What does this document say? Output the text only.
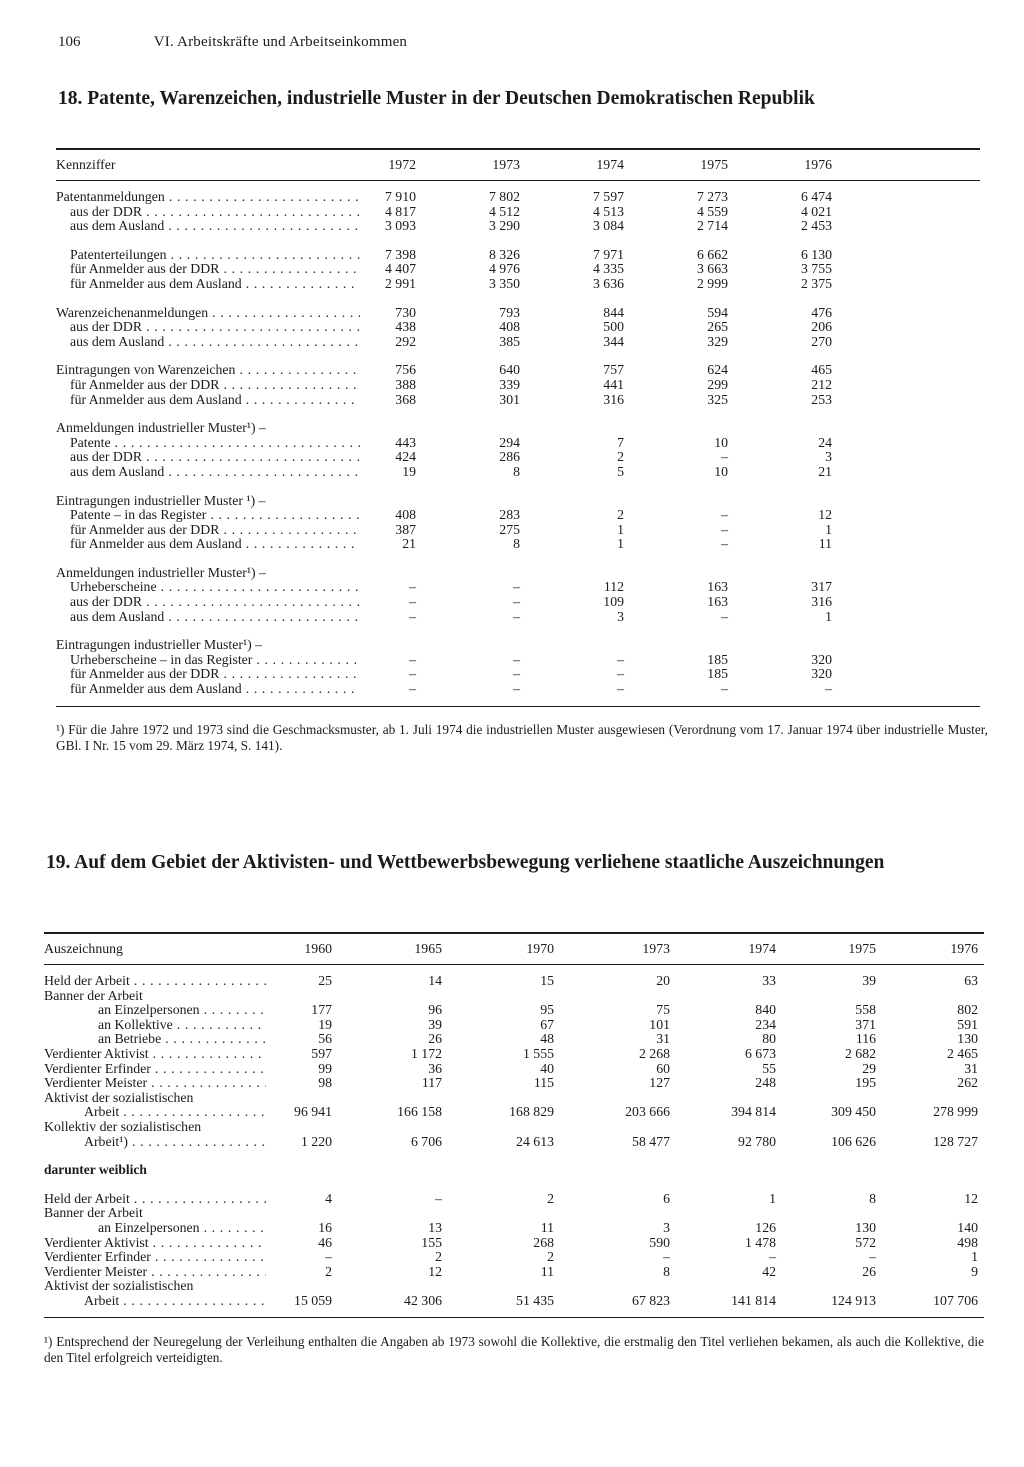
106	VI. Arbeitskräfte und Arbeitseinkommen
18. Patente, Warenzeichen, industrielle Muster in der Deutschen Demokratischen Republik
Kennziffer	1972	1973	1974	1975	1976	

Patentanmeldungen . . .	7 910	7 802	7 597	7 273	6 474	
aus der DDR . . .	4 817	4 512	4 513	4 559	4 021	
aus dem Ausland . . .	3 093	3 290	3 084	2 714	2 453	

Patenterteilungen . . .	7 398	8 326	7 971	6 662	6 130	
für Anmelder aus der DDR . . .	4 407	4 976	4 335	3 663	3 755	
für Anmelder aus dem Ausland . . .	2 991	3 350	3 636	2 999	2 375	

Warenzeichenanmeldungen . . .	730	793	844	594	476	
aus der DDR . . .	438	408	500	265	206	
aus dem Ausland . . .	292	385	344	329	270	

Eintragungen von Warenzeichen . . .	756	640	757	624	465	
für Anmelder aus der DDR . . .	388	339	441	299	212	
für Anmelder aus dem Ausland . . .	368	301	316	325	253	

Anmeldungen industrieller Muster¹) –						
Patente . . .	443	294	7	10	24	
aus der DDR . . .	424	286	2	–	3	
aus dem Ausland . . .	19	8	5	10	21	

Eintragungen industrieller Muster ¹) –						
Patente – in das Register . . .	408	283	2	–	12	
für Anmelder aus der DDR . . .	387	275	1	–	1	
für Anmelder aus dem Ausland . . .	21	8	1	–	11	

Anmeldungen industrieller Muster¹) –						
Urheberscheine . . .	–	–	112	163	317	
aus der DDR . . .	–	–	109	163	316	
aus dem Ausland . . .	–	–	3	–	1	

Eintragungen industrieller Muster¹) –						
Urheberscheine – in das Register . . .	–	–	–	185	320	
für Anmelder aus der DDR . . .	–	–	–	185	320	
für Anmelder aus dem Ausland . . .	–	–	–	–	–	

¹) Für die Jahre 1972 und 1973 sind die Geschmacksmuster, ab 1. Juli 1974 die industriellen Muster ausgewiesen (Verordnung vom 17. Januar 1974 über industrielle Muster, GBl. I Nr. 15 vom 29. März 1974, S. 141).
19. Auf dem Gebiet der Aktivisten- und Wettbewerbsbewegung verliehene staatliche Auszeichnungen
Auszeichnung	1960	1965	1970	1973	1974	1975	1976	

Held der Arbeit . . .	25	14	15	20	33	39	63	
Banner der Arbeit								
an Einzelpersonen . . .	177	96	95	75	840	558	802	
an Kollektive . . .	19	39	67	101	234	371	591	
an Betriebe . . .	56	26	48	31	80	116	130	
Verdienter Aktivist . . .	597	1 172	1 555	2 268	6 673	2 682	2 465	
Verdienter Erfinder . . .	99	36	40	60	55	29	31	
Verdienter Meister . . .	98	117	115	127	248	195	262	
Aktivist der sozialistischen								
Arbeit . . .	96 941	166 158	168 829	203 666	394 814	309 450	278 999	
Kollektiv der sozialistischen								
Arbeit¹) . . .	1 220	6 706	24 613	58 477	92 780	106 626	128 727	

darunter weiblich								

Held der Arbeit . . .	4	–	2	6	1	8	12	
Banner der Arbeit								
an Einzelpersonen . . .	16	13	11	3	126	130	140	
Verdienter Aktivist . . .	46	155	268	590	1 478	572	498	
Verdienter Erfinder . . .	–	2	2	–	–	–	1	
Verdienter Meister . . .	2	12	11	8	42	26	9	
Aktivist der sozialistischen								
Arbeit . . .	15 059	42 306	51 435	67 823	141 814	124 913	107 706	

¹) Entsprechend der Neuregelung der Verleihung enthalten die Angaben ab 1973 sowohl die Kollektive, die erstmalig den Titel verliehen bekamen, als auch die Kollektive, die den Titel erfolgreich verteidigten.
